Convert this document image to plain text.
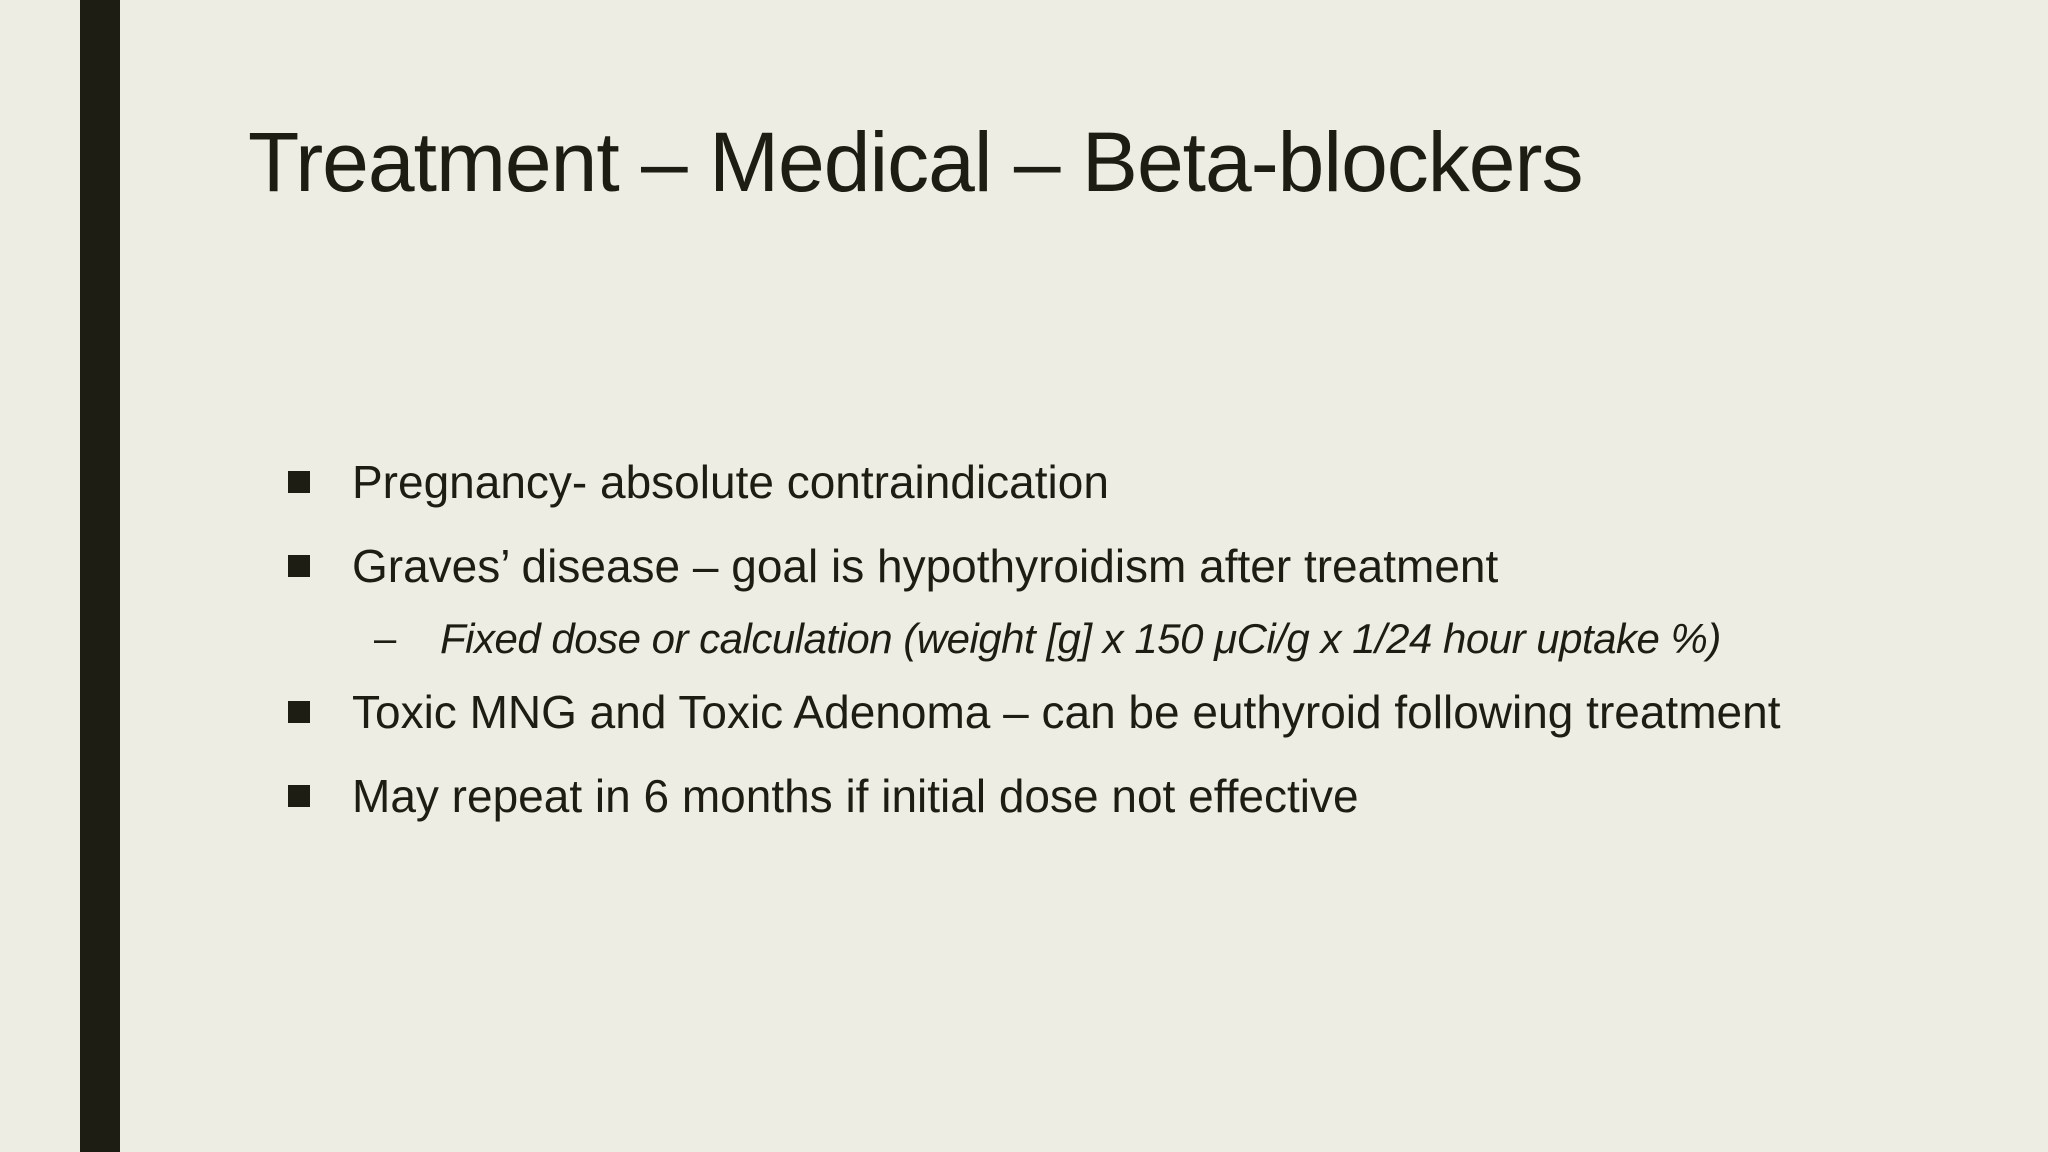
Treatment – Medical – Beta-blockers
Pregnancy- absolute contraindication
Graves’ disease – goal is hypothyroidism after treatment
–	Fixed dose or calculation (weight [g] x 150 μCi/g x 1/24 hour uptake %)
Toxic MNG and Toxic Adenoma – can be euthyroid following treatment
May repeat in 6 months if initial dose not effective
